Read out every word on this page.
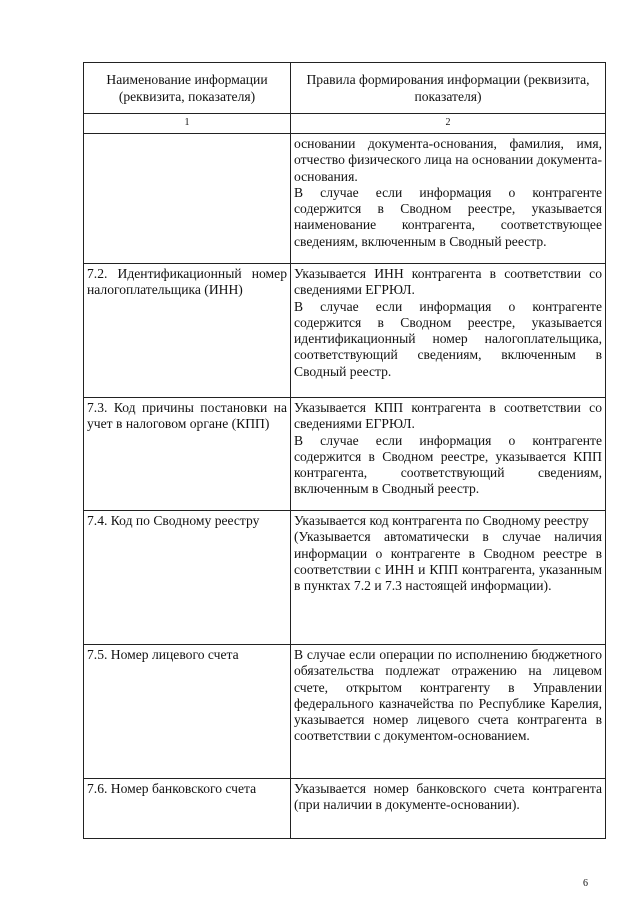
Наименование информации (реквизита, показателя)	Правила формирования информации (реквизита, показателя)
1	2

	основании документа-основания, фамилия, имя, отчество физического лица на основании документа-основания.
В случае если информация о контрагенте содержится в Сводном реестре, указывается наименование контрагента, соответствующее сведениям, включенным в Сводный реестр.

7.2. Идентификационный номер налогоплательщика (ИНН)	Указывается ИНН контрагента в соответствии со сведениями ЕГРЮЛ.
В случае если информация о контрагенте содержится в Сводном реестре, указывается идентификационный номер налогоплательщика, соответствующий сведениям, включенным в Сводный реестр.

7.3. Код причины постановки на учет в налоговом органе (КПП)	Указывается КПП контрагента в соответствии со сведениями ЕГРЮЛ.
В случае если информация о контрагенте содержится в Сводном реестре, указывается КПП контрагента, соответствующий сведениям, включенным в Сводный реестр.

7.4. Код по Сводному реестру	Указывается код контрагента по Сводному реестру
(Указывается автоматически в случае наличия информации о контрагенте в Сводном реестре в соответствии с ИНН и КПП контрагента, указанным в пунктах 7.2 и 7.3 настоящей информации).

7.5. Номер лицевого счета	В случае если операции по исполнению бюджетного обязательства подлежат отражению на лицевом счете, открытом контрагенту в Управлении федерального казначейства по Республике Карелия, указывается номер лицевого счета контрагента в соответствии с документом-основанием.

7.6. Номер банковского счета	Указывается номер банковского счета контрагента (при наличии в документе-основании).
6
